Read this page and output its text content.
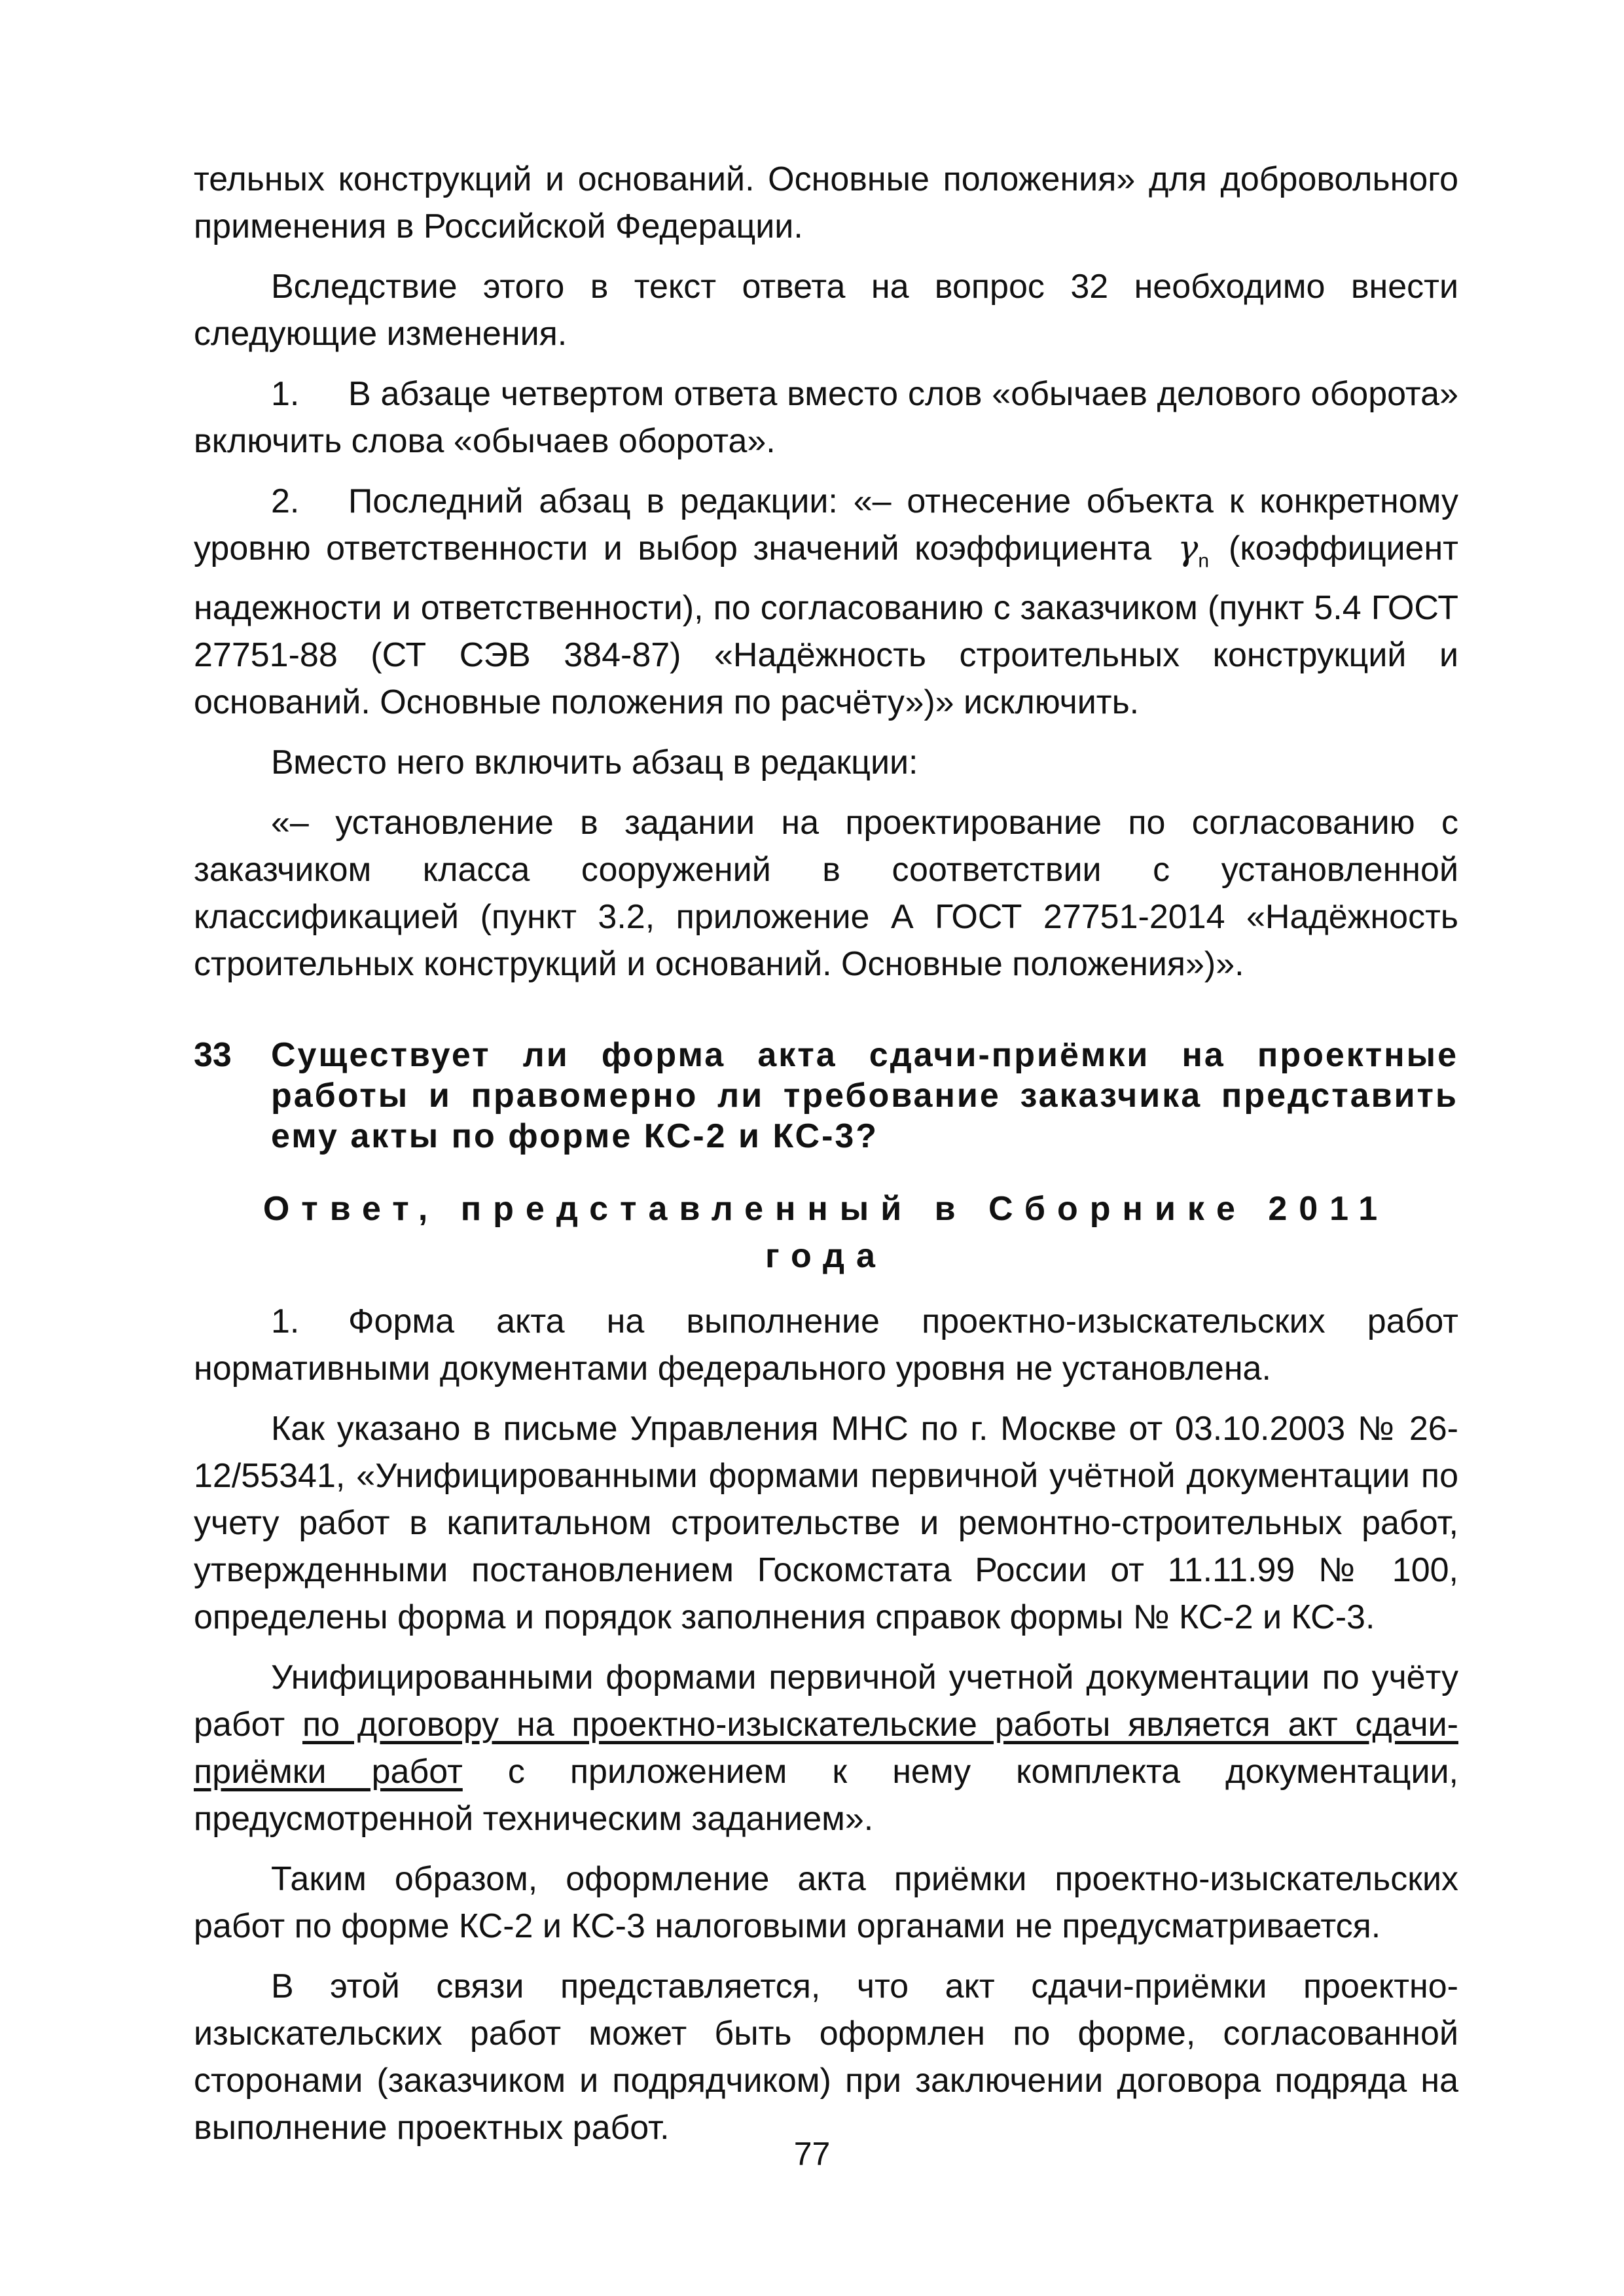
тельных конструкций и оснований. Основные положения» для добровольного применения в Российской Федерации.

Вследствие этого в текст ответа на вопрос 32 необходимо внести следующие изменения.

1. В абзаце четвертом ответа вместо слов «обычаев делового оборота» включить слова «обычаев оборота».

2. Последний абзац в редакции: «– отнесение объекта к конкретному уровню ответственности и выбор значений коэффициента $\gamma_n$ (коэффициент надежности и ответственности), по согласованию с заказчиком (пункт 5.4 ГОСТ 27751-88 (СТ СЭВ 384-87) «Надёжность строительных конструкций и оснований. Основные положения по расчёту»)» исключить.

Вместо него включить абзац в редакции:

«– установление в задании на проектирование по согласованию с заказчиком класса сооружений в соответствии с установленной классификацией (пункт 3.2, приложение А ГОСТ 27751-2014 «Надёжность строительных конструкций и оснований. Основные положения»)».

33 Существует ли форма акта сдачи-приёмки на проектные работы и правомерно ли требование заказчика представить ему акты по форме КС-2 и КС-3?
Ответ, представленный в Сборнике 2011 года

1. Форма акта на выполнение проектно-изыскательских работ нормативными документами федерального уровня не установлена.

Как указано в письме Управления МНС по г. Москве от 03.10.2003 № 26-12/55341, «Унифицированными формами первичной учётной документации по учету работ в капитальном строительстве и ремонтно-строительных работ, утвержденными постановлением Госкомстата России от 11.11.99 № 100, определены форма и порядок заполнения справок формы № КС-2 и КС-3.

Унифицированными формами первичной учетной документации по учёту работ по договору на проектно-изыскательские работы является акт сдачи-приёмки работ с приложением к нему комплекта документации, предусмотренной техническим заданием».

Таким образом, оформление акта приёмки проектно-изыскательских работ по форме КС-2 и КС-3 налоговыми органами не предусматривается.

В этой связи представляется, что акт сдачи-приёмки проектно-изыскательских работ может быть оформлен по форме, согласованной сторонами (заказчиком и подрядчиком) при заключении договора подряда на выполнение проектных работ.

77
